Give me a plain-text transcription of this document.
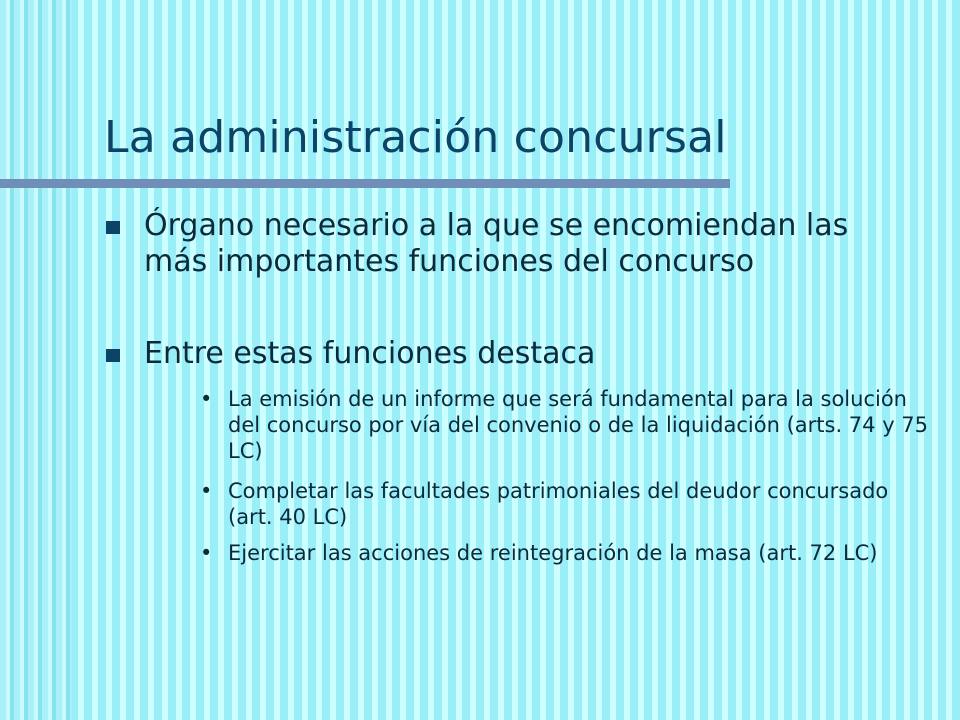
La administración concursal
Órgano necesario a la que se encomiendan las más importantes funciones del concurso
Entre estas funciones destaca
• La emisión de un informe que será fundamental para la solución del concurso por vía del convenio o de la liquidación (arts. 74 y 75 LC)
• Completar las facultades patrimoniales del deudor concursado (art. 40 LC)
• Ejercitar las acciones de reintegración de la masa (art. 72 LC)
